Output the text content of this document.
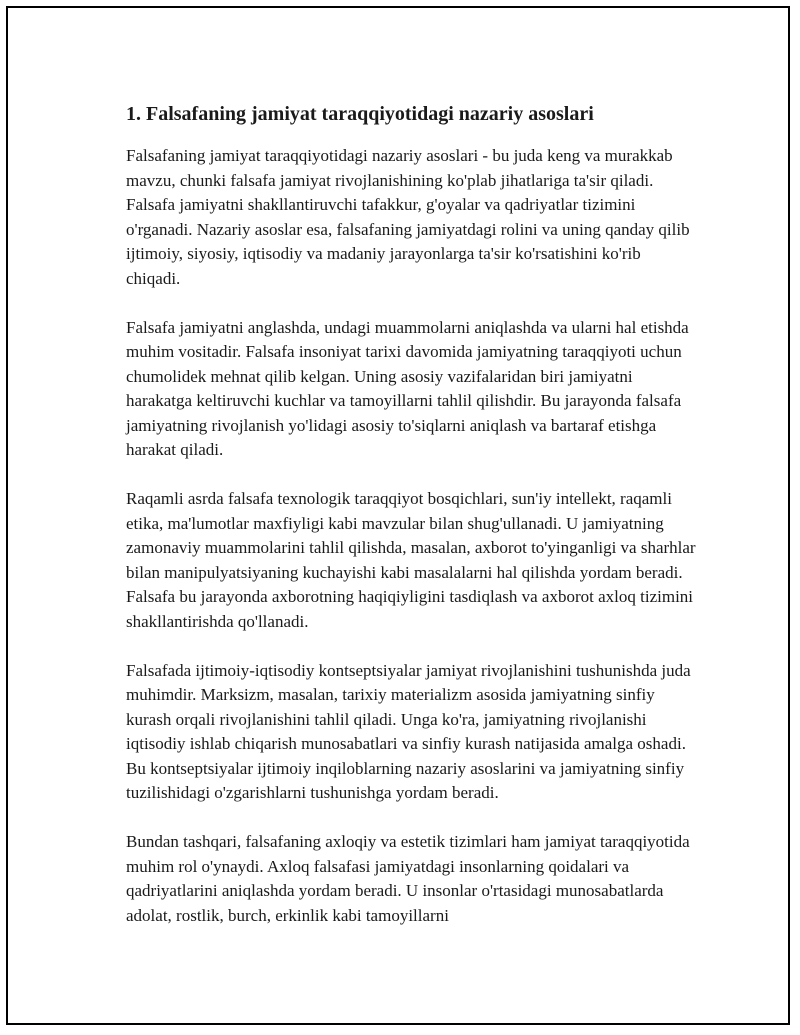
1. Falsafaning jamiyat taraqqiyotidagi nazariy asoslari

Falsafaning jamiyat taraqqiyotidagi nazariy asoslari - bu juda keng va murakkab mavzu, chunki falsafa jamiyat rivojlanishining ko'plab jihatlariga ta'sir qiladi. Falsafa jamiyatni shakllantiruvchi tafakkur, g'oyalar va qadriyatlar tizimini o'rganadi. Nazariy asoslar esa, falsafaning jamiyatdagi rolini va uning qanday qilib ijtimoiy, siyosiy, iqtisodiy va madaniy jarayonlarga ta'sir ko'rsatishini ko'rib chiqadi.

Falsafa jamiyatni anglashda, undagi muammolarni aniqlashda va ularni hal etishda muhim vositadir. Falsafa insoniyat tarixi davomida jamiyatning taraqqiyoti uchun chumolidek mehnat qilib kelgan. Uning asosiy vazifalaridan biri jamiyatni harakatga keltiruvchi kuchlar va tamoyillarni tahlil qilishdir. Bu jarayonda falsafa jamiyatning rivojlanish yo'lidagi asosiy to'siqlarni aniqlash va bartaraf etishga harakat qiladi.

Raqamli asrda falsafa texnologik taraqqiyot bosqichlari, sun'iy intellekt, raqamli etika, ma'lumotlar maxfiyligi kabi mavzular bilan shug'ullanadi. U jamiyatning zamonaviy muammolarini tahlil qilishda, masalan, axborot to'yinganligi va sharhlar bilan manipulyatsiyaning kuchayishi kabi masalalarni hal qilishda yordam beradi. Falsafa bu jarayonda axborotning haqiqiyligini tasdiqlash va axborot axloq tizimini shakllantirishda qo'llanadi.

Falsafada ijtimoiy-iqtisodiy kontseptsiyalar jamiyat rivojlanishini tushunishda juda muhimdir. Marksizm, masalan, tarixiy materializm asosida jamiyatning sinfiy kurash orqali rivojlanishini tahlil qiladi. Unga ko'ra, jamiyatning rivojlanishi iqtisodiy ishlab chiqarish munosabatlari va sinfiy kurash natijasida amalga oshadi. Bu kontseptsiyalar ijtimoiy inqiloblarning nazariy asoslarini va jamiyatning sinfiy tuzilishidagi o'zgarishlarni tushunishga yordam beradi.

Bundan tashqari, falsafaning axloqiy va estetik tizimlari ham jamiyat taraqqiyotida muhim rol o'ynaydi. Axloq falsafasi jamiyatdagi insonlarning qoidalari va qadriyatlarini aniqlashda yordam beradi. U insonlar o'rtasidagi munosabatlarda adolat, rostlik, burch, erkinlik kabi tamoyillarni
